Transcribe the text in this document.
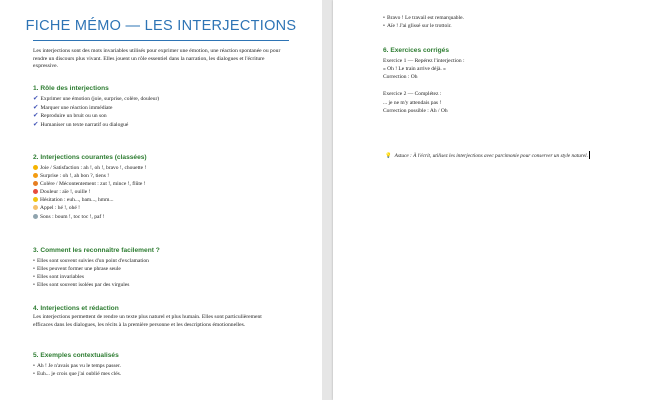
FICHE MÉMO — LES INTERJECTIONS
Les interjections sont des mots invariables utilisés pour exprimer une émotion, une réaction spontanée ou pour rendre un discours plus vivant. Elles jouent un rôle essentiel dans la narration, les dialogues et l'écriture expressive.
1. Rôle des interjections
✔ Exprimer une émotion (joie, surprise, colère, douleur)
✔ Marquer une réaction immédiate
✔ Reproduire un bruit ou un son
✔ Humaniser un texte narratif ou dialogué
2. Interjections courantes (classées)
Joie / Satisfaction : ah !, oh !, bravo !, chouette !
Surprise : oh !, ah bon ?, tiens !
Colère / Mécontentement : zut !, mince !, flûte !
Douleur : aïe !, ouille !
Hésitation : euh..., bam..., hmm...
Appel : hé !, ohé !
Sons : boum !, toc toc !, paf !
3. Comment les reconnaître facilement ?
• Elles sont souvent suivies d'un point d'exclamation
• Elles peuvent former une phrase seule
• Elles sont invariables
• Elles sont souvent isolées par des virgules
4. Interjections et rédaction
Les interjections permettent de rendre un texte plus naturel et plus humain. Elles sont particulièrement efficaces dans les dialogues, les récits à la première personne et les descriptions émotionnelles.
5. Exemples contextualisés
• Ah ! Je n'avais pas vu le temps passer.
• Euh... je crois que j'ai oublié mes clés.
• Bravo ! Le travail est remarquable.
• Aïe ! J'ai glissé sur le trottoir.
6. Exercices corrigés
Exercice 1 — Repérez l'interjection :
« Oh ! Le train arrive déjà. »
Correction : Oh
Exercice 2 — Complétez :
... je ne m'y attendais pas !
Correction possible : Ah / Oh
💡 Astuce : À l'écrit, utilisez les interjections avec parcimonie pour conserver un style naturel.
